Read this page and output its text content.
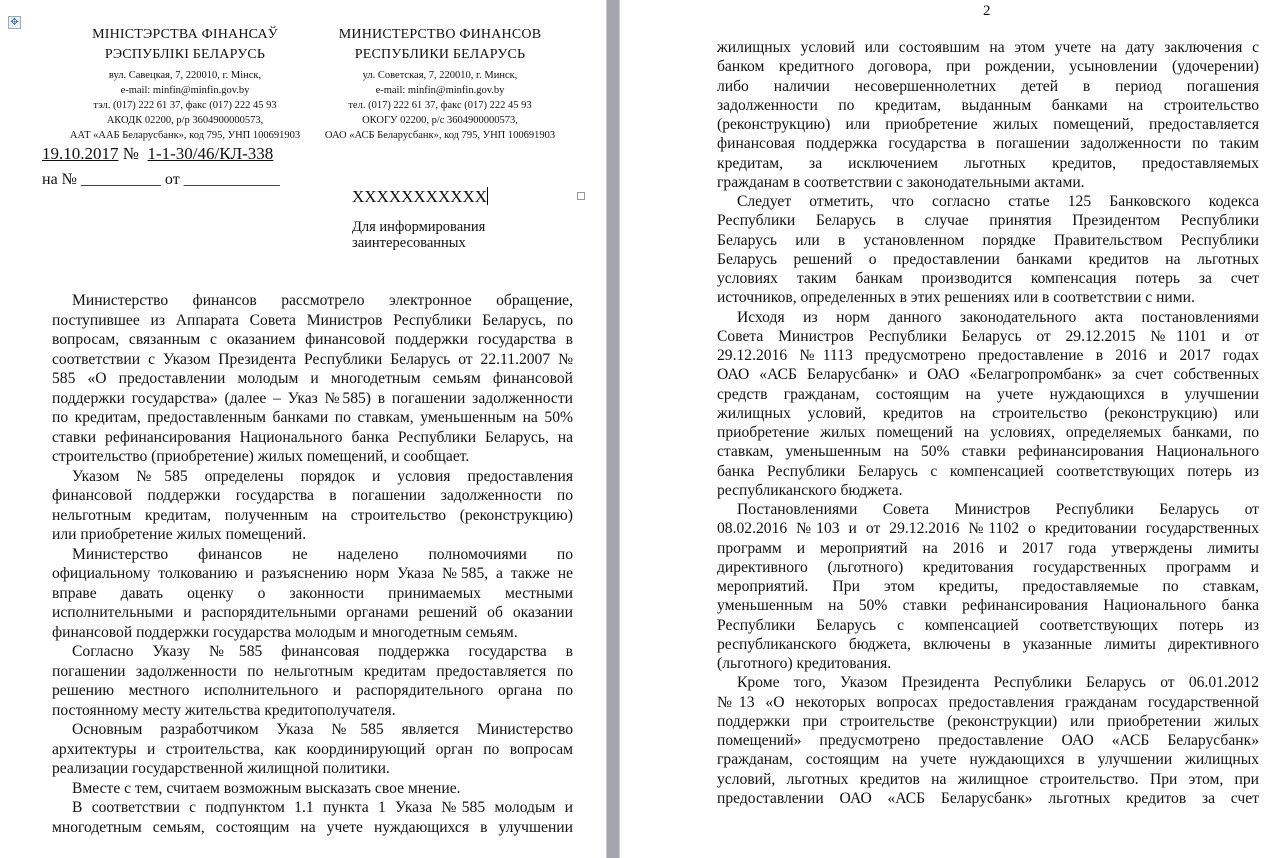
✥
МІНІСТЭРСТВА ФІНАНСАЎ
РЭСПУБЛІКІ БЕЛАРУСЬ
вул. Савецкая, 7, 220010, г. Мінск,
e-mail: minfin@minfin.gov.by
тэл. (017) 222 61 37, факс (017) 222 45 93
АКОДК 02200, р/р 3604900000573,
ААТ «ААБ Беларусбанк», код 795, УНП 100691903
МИНИСТЕРСТВО ФИНАНСОВ
РЕСПУБЛИКИ БЕЛАРУСЬ
ул. Советская, 7, 220010, г. Минск,
e-mail: minfin@minfin.gov.by
тел. (017) 222 61 37, факс (017) 222 45 93
ОКОГУ 02200, р/с 3604900000573,
ОАО «АСБ Беларусбанк», код 795, УНП 100691903
19.10.2017 № 1-1-30/46/КЛ-338
на № __________ от ____________
XXXXXXXXXXX
Для информирования
заинтересованных
Министерство финансов рассмотрело электронное обращение,
поступившее из Аппарата Совета Министров Республики Беларусь, по
вопросам, связанным с оказанием финансовой поддержки государства в
соответствии с Указом Президента Республики Беларусь от 22.11.2007 №
585 «О предоставлении молодым и многодетным семьям финансовой
поддержки государства» (далее – Указ №585) в погашении задолженности
по кредитам, предоставленным банками по ставкам, уменьшенным на 50%
ставки рефинансирования Национального банка Республики Беларусь, на
строительство (приобретение) жилых помещений, и сообщает.
Указом №585 определены порядок и условия предоставления
финансовой поддержки государства в погашении задолженности по
нельготным кредитам, полученным на строительство (реконструкцию)
или приобретение жилых помещений.
Министерство финансов не наделено полномочиями по
официальному толкованию и разъяснению норм Указа №585, а также не
вправе давать оценку о законности принимаемых местными
исполнительными и распорядительными органами решений об оказании
финансовой поддержки государства молодым и многодетным семьям.
Согласно Указу №585 финансовая поддержка государства в
погашении задолженности по нельготным кредитам предоставляется по
решению местного исполнительного и распорядительного органа по
постоянному месту жительства кредитополучателя.
Основным разработчиком Указа №585 является Министерство
архитектуры и строительства, как координирующий орган по вопросам
реализации государственной жилищной политики.
Вместе с тем, считаем возможным высказать свое мнение.
В соответствии с подпунктом 1.1 пункта 1 Указа №585 молодым и
многодетным семьям, состоящим на учете нуждающихся в улучшении
2
жилищных условий или состоявшим на этом учете на дату заключения с
банком кредитного договора, при рождении, усыновлении (удочерении)
либо наличии несовершеннолетних детей в период погашения
задолженности по кредитам, выданным банками на строительство
(реконструкцию) или приобретение жилых помещений, предоставляется
финансовая поддержка государства в погашении задолженности по таким
кредитам, за исключением льготных кредитов, предоставляемых
гражданам в соответствии с законодательными актами.
Следует отметить, что согласно статье 125 Банковского кодекса
Республики Беларусь в случае принятия Президентом Республики
Беларусь или в установленном порядке Правительством Республики
Беларусь решений о предоставлении банками кредитов на льготных
условиях таким банкам производится компенсация потерь за счет
источников, определенных в этих решениях или в соответствии с ними.
Исходя из норм данного законодательного акта постановлениями
Совета Министров Республики Беларусь от 29.12.2015 №1101 и от
29.12.2016 №1113 предусмотрено предоставление в 2016 и 2017 годах
ОАО «АСБ Беларусбанк» и ОАО «Белагропромбанк» за счет собственных
средств гражданам, состоящим на учете нуждающихся в улучшении
жилищных условий, кредитов на строительство (реконструкцию) или
приобретение жилых помещений на условиях, определяемых банками, по
ставкам, уменьшенным на 50% ставки рефинансирования Национального
банка Республики Беларусь с компенсацией соответствующих потерь из
республиканского бюджета.
Постановлениями Совета Министров Республики Беларусь от
08.02.2016 №103 и от 29.12.2016 №1102 о кредитовании государственных
программ и мероприятий на 2016 и 2017 года утверждены лимиты
директивного (льготного) кредитования государственных программ и
мероприятий. При этом кредиты, предоставляемые по ставкам,
уменьшенным на 50% ставки рефинансирования Национального банка
Республики Беларусь с компенсацией соответствующих потерь из
республиканского бюджета, включены в указанные лимиты директивного
(льготного) кредитования.
Кроме того, Указом Президента Республики Беларусь от 06.01.2012
№13 «О некоторых вопросах предоставления гражданам государственной
поддержки при строительстве (реконструкции) или приобретении жилых
помещений» предусмотрено предоставление ОАО «АСБ Беларусбанк»
гражданам, состоящим на учете нуждающихся в улучшении жилищных
условий, льготных кредитов на жилищное строительство. При этом, при
предоставлении ОАО «АСБ Беларусбанк» льготных кредитов за счет
